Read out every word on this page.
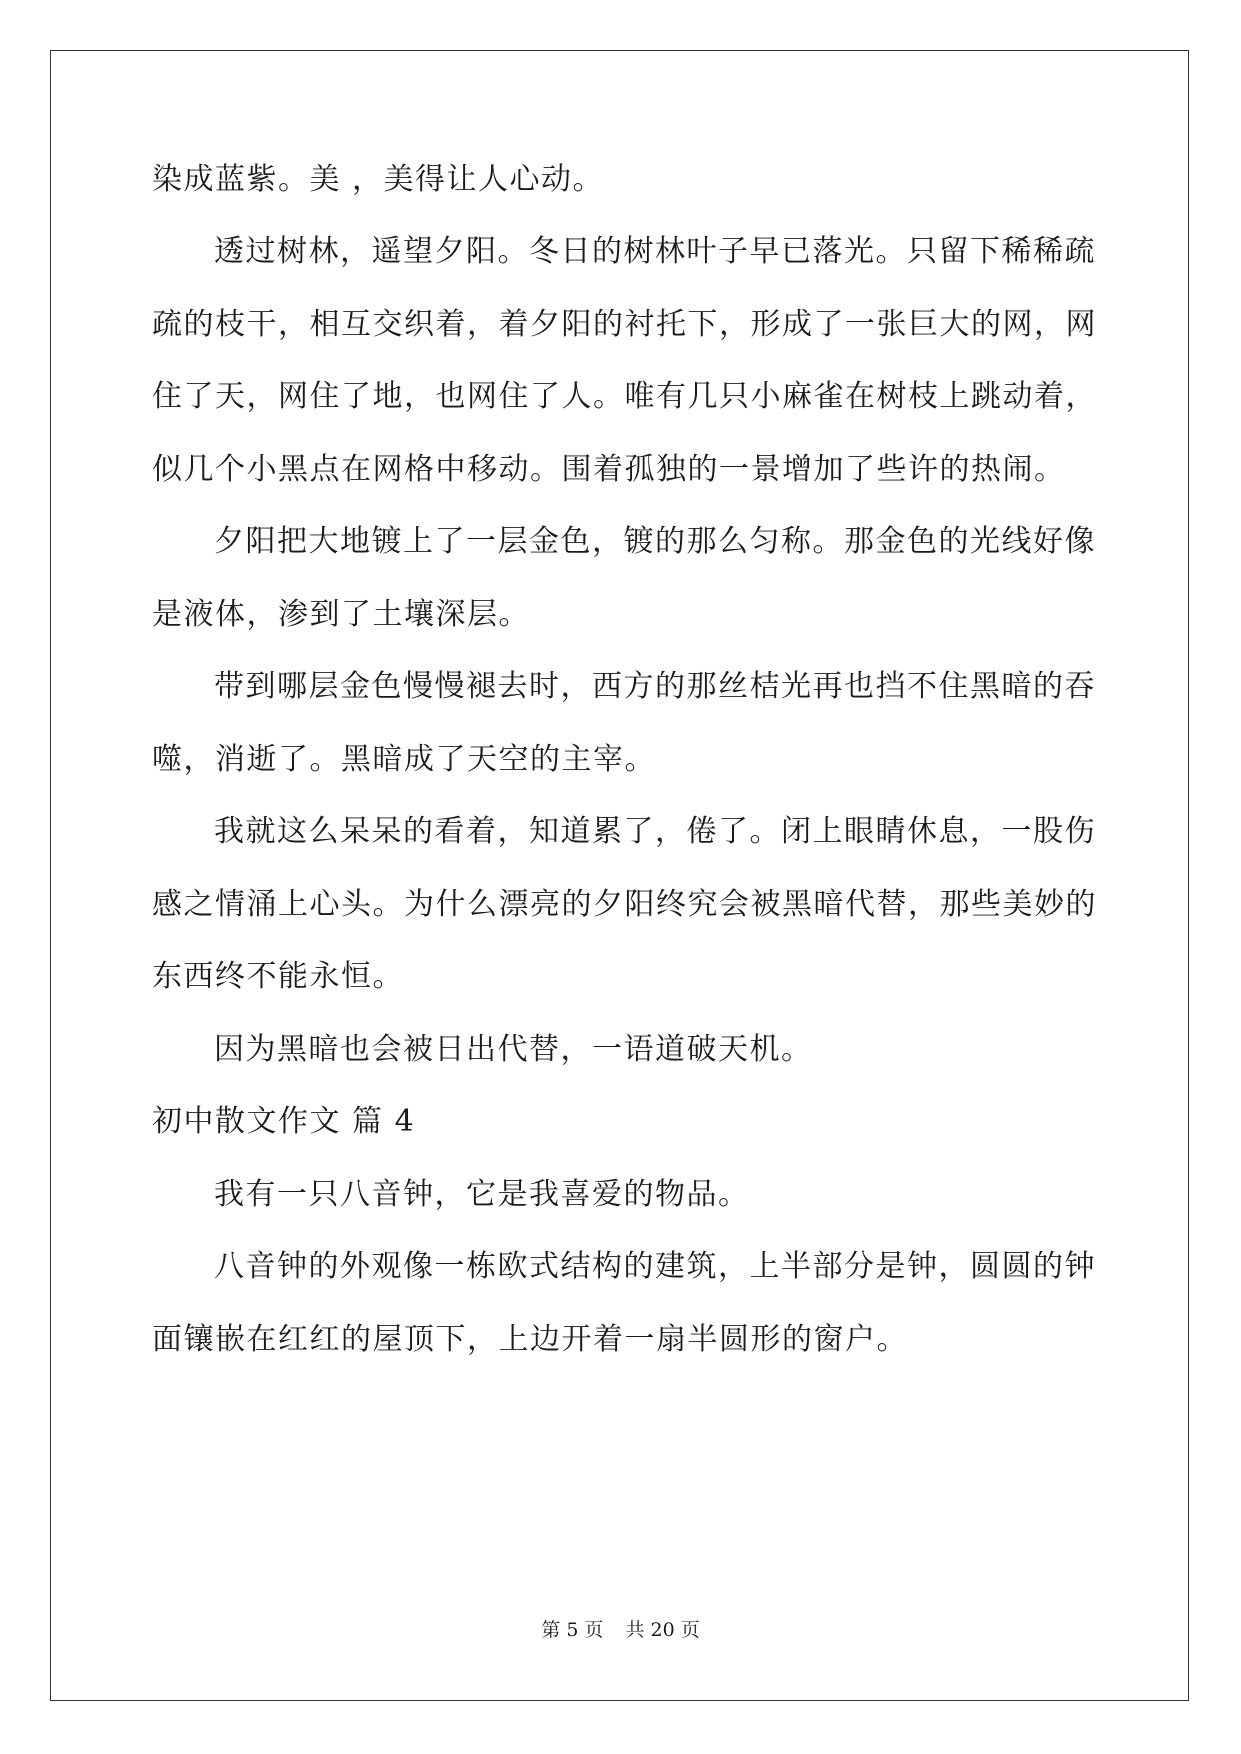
染成蓝紫。美 ，美得让人心动。
透过树林，遥望夕阳。冬日的树林叶子早已落光。只留下稀稀疏
疏的枝干，相互交织着，着夕阳的衬托下，形成了一张巨大的网，网
住了天，网住了地，也网住了人。唯有几只小麻雀在树枝上跳动着，
似几个小黑点在网格中移动。围着孤独的一景增加了些许的热闹。
夕阳把大地镀上了一层金色，镀的那么匀称。那金色的光线好像
是液体，渗到了土壤深层。
带到哪层金色慢慢褪去时，西方的那丝桔光再也挡不住黑暗的吞
噬，消逝了。黑暗成了天空的主宰。
我就这么呆呆的看着，知道累了，倦了。闭上眼睛休息，一股伤
感之情涌上心头。为什么漂亮的夕阳终究会被黑暗代替，那些美妙的
东西终不能永恒。
因为黑暗也会被日出代替，一语道破天机。
初中散文作文 篇 4
我有一只八音钟，它是我喜爱的物品。
八音钟的外观像一栋欧式结构的建筑，上半部分是钟，圆圆的钟
面镶嵌在红红的屋顶下，上边开着一扇半圆形的窗户。
第 5 页 共 20 页
